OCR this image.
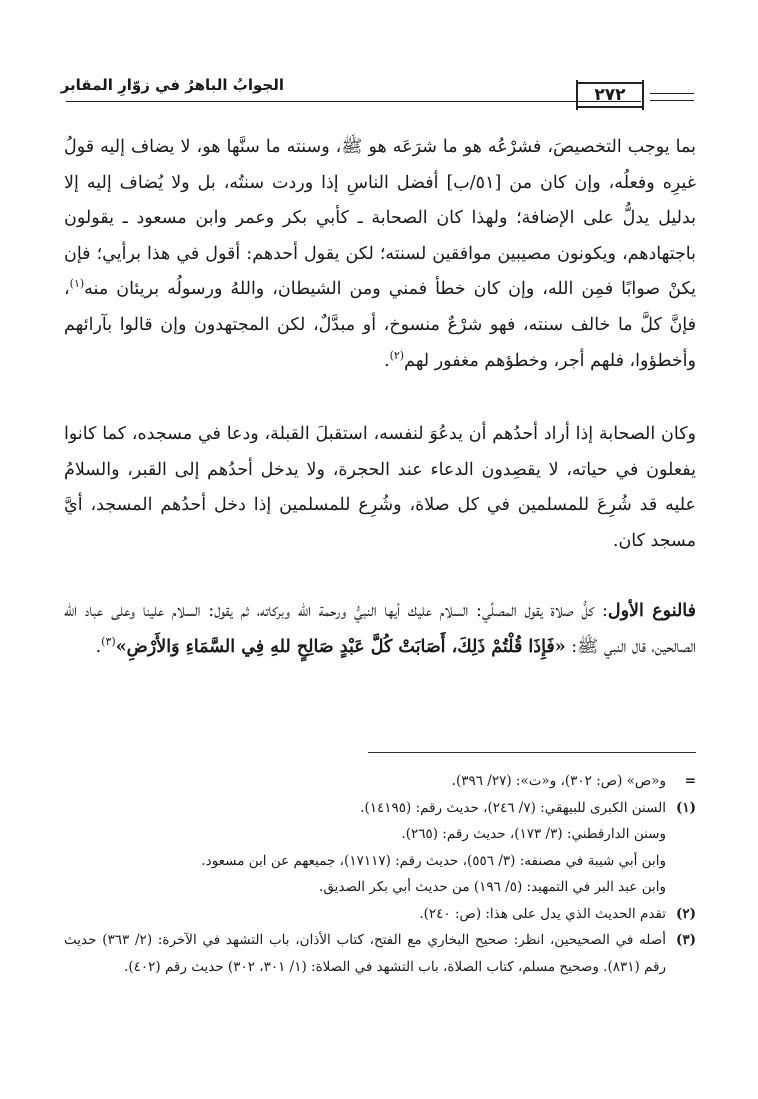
الجوابُ الباهرُ في زوّارِ المقابر	٢٧٢

بما يوجب التخصيصَ، فشرْعُه هو ما شرَعَه هو ﷺ، وسنته ما سنَّها هو، لا يضاف إليه قولُ غيرِه وفعلُه، وإن كان من [٥١/ب] أفضل الناسِ إذا وردت سنتُه، بل ولا يُضاف إليه إلا بدليل يدلُّ على الإضافة؛ ولهذا كان الصحابة ـ كأبي بكر وعمر وابن مسعود ـ يقولون باجتهادهم، ويكونون مصيبين موافقين لسنته؛ لكن يقول أحدهم: أقول في هذا برأيي؛ فإن يكنْ صوابًا فمِن الله، وإن كان خطأ فمني ومن الشيطان، واللهُ ورسولُه بريئان منه$^{(١)}$، فإنَّ كلَّ ما خالف سنته، فهو شرْعٌ منسوخ، أو مبدَّلٌ، لكن المجتهدون وإن قالوا بآرائهم وأخطؤوا، فلهم أجر، وخطؤهم مغفور لهم$^{(٢)}$.

وكان الصحابة إذا أراد أحدُهم أن يدعُوَ لنفسه، استقبلَ القبلة، ودعا في مسجده، كما كانوا يفعلون في حياته، لا يقصِدون الدعاء عند الحجرة، ولا يدخل أحدُهم إلى القبر، والسلامُ عليه قد شُرِعَ للمسلمين في كل صلاة، وشُرِع للمسلمين إذا دخل أحدُهم المسجد، أيَّ مسجد كان.

فالنوع الأول: كلُّ صلاة يقول المصلِّي: السلام عليك أيها النبيُّ ورحمة الله وبركاته، ثم يقول: السلام علينا وعلى عباد الله الصالحين، قال النبي ﷺ: «فَإِذَا قُلْتُمْ ذَلِكَ، أَصَابَتْ كُلَّ عَبْدٍ صَالِحٍ للهِ فِي السَّمَاءِ وَالأَرْضِ»$^{(٣)}$.

=
و«ص» (ص: ٣٠٢)، و«ت»: (٢٧/ ٣٩٦).
(١)
السنن الكبرى للبيهقي: (٧/ ٢٤٦)، حديث رقم: (١٤١٩٥).
وسنن الدارقطني: (٣/ ١٧٣)، حديث رقم: (٢٦٥).
وابن أبي شيبة في مصنفه: (٣/ ٥٥٦)، حديث رقم: (١٧١١٧)، جميعهم عن ابن مسعود.
وابن عبد البر في التمهيد: (٥/ ١٩٦) من حديث أبي بكر الصديق.
(٢)
تقدم الحديث الذي يدل على هذا: (ص: ٢٤٠).
(٣)
أصله في الصحيحين، انظر: صحيح البخاري مع الفتح، كتاب الأذان، باب التشهد في الآخرة: (٢/ ٣٦٣) حديث رقم (٨٣١). وصحيح مسلم، كتاب الصلاة، باب التشهد في الصلاة: (١/ ٣٠١، ٣٠٢) حديث رقم (٤٠٢).
